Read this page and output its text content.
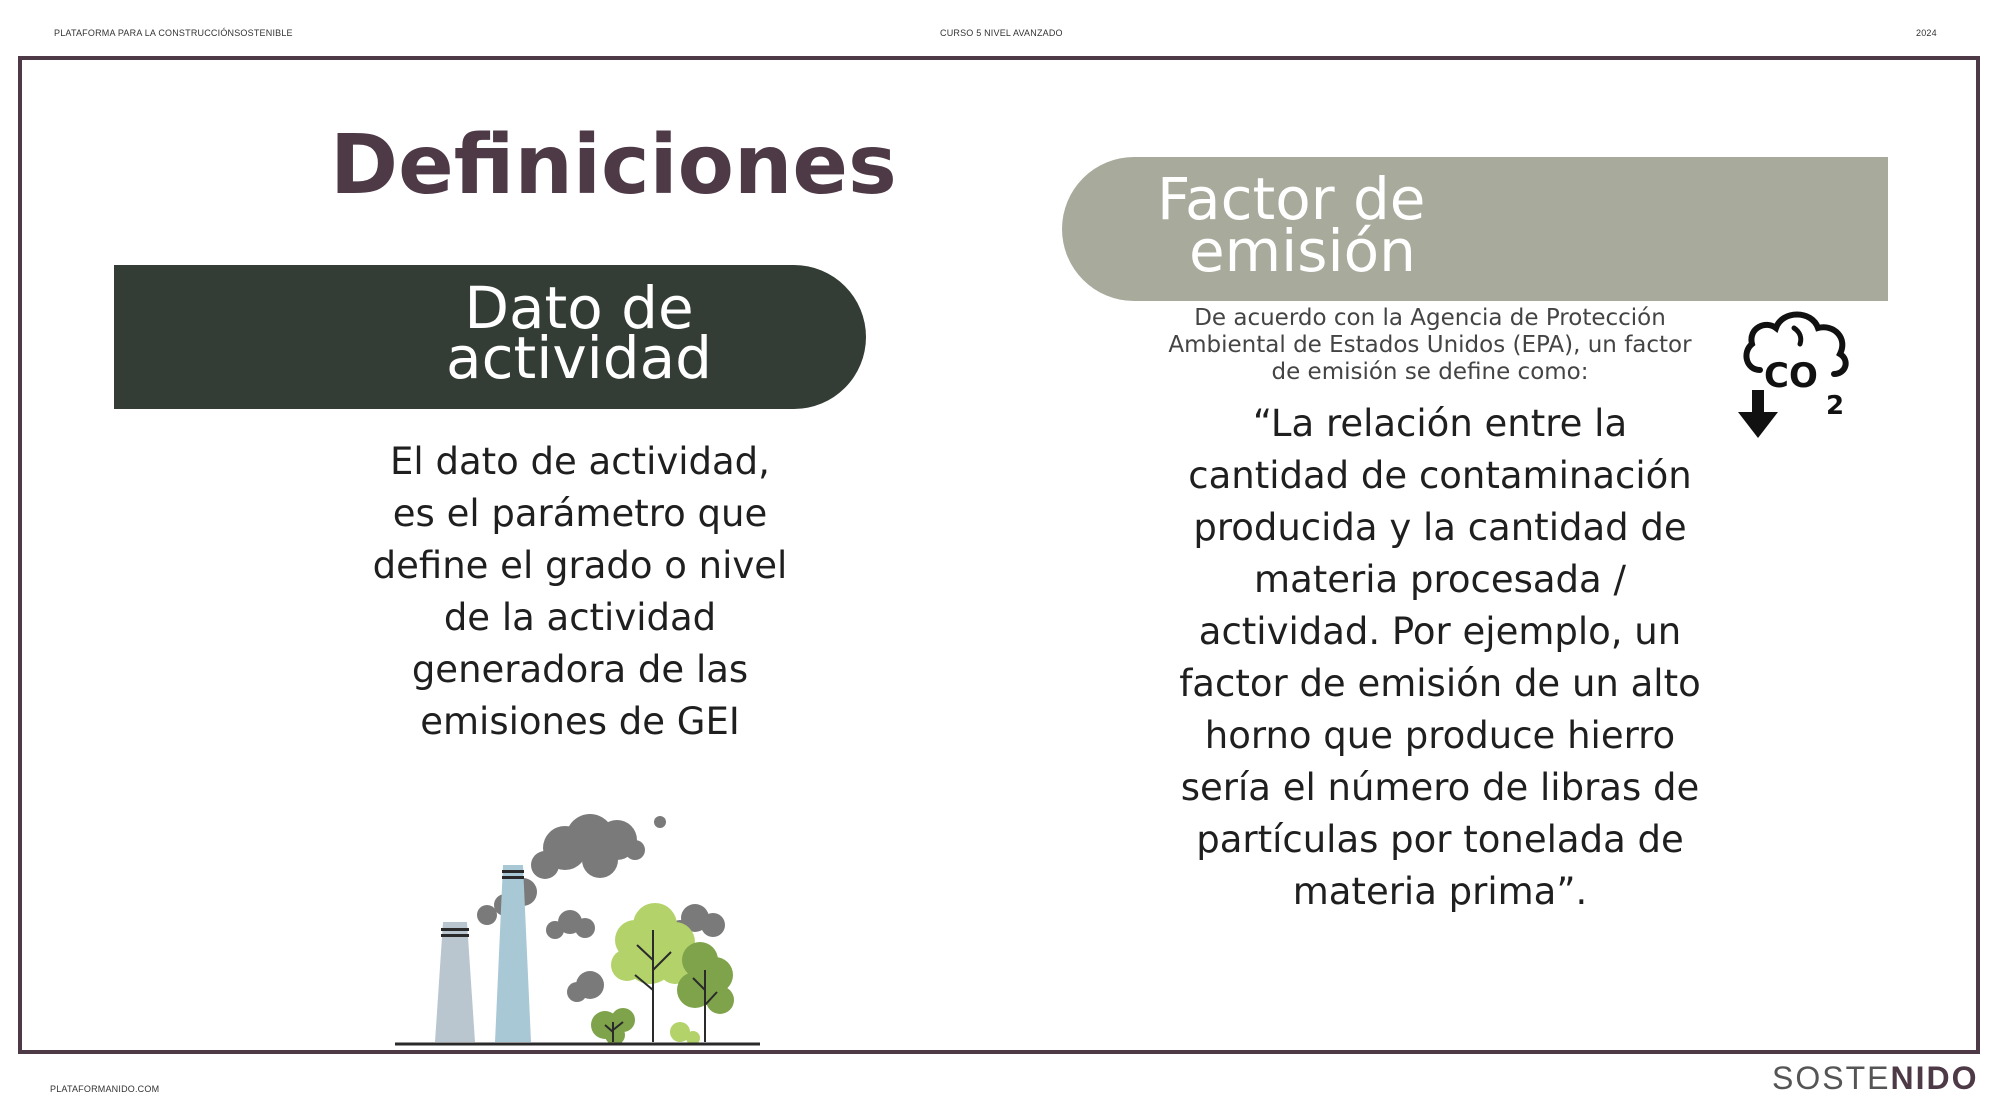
PLATAFORMA PARA LA CONSTRUCCIÓNSOSTENIBLE	CURSO 5 NIVEL AVANZADO	2024
Definiciones
Dato de
actividad
El dato de actividad,
es el parámetro que
define el grado o nivel
de la actividad
generadora de las
emisiones de GEI
Factor de
emisión
De acuerdo con la Agencia de Protección
Ambiental de Estados Unidos (EPA), un factor
de emisión se define como:	CO
2
“La relación entre la
cantidad de contaminación
producida y la cantidad de
materia procesada /
actividad. Por ejemplo, un
factor de emisión de un alto
horno que produce hierro
sería el número de libras de
partículas por tonelada de
materia prima”.
PLATAFORMANIDO.COM	SOSTENIDO
